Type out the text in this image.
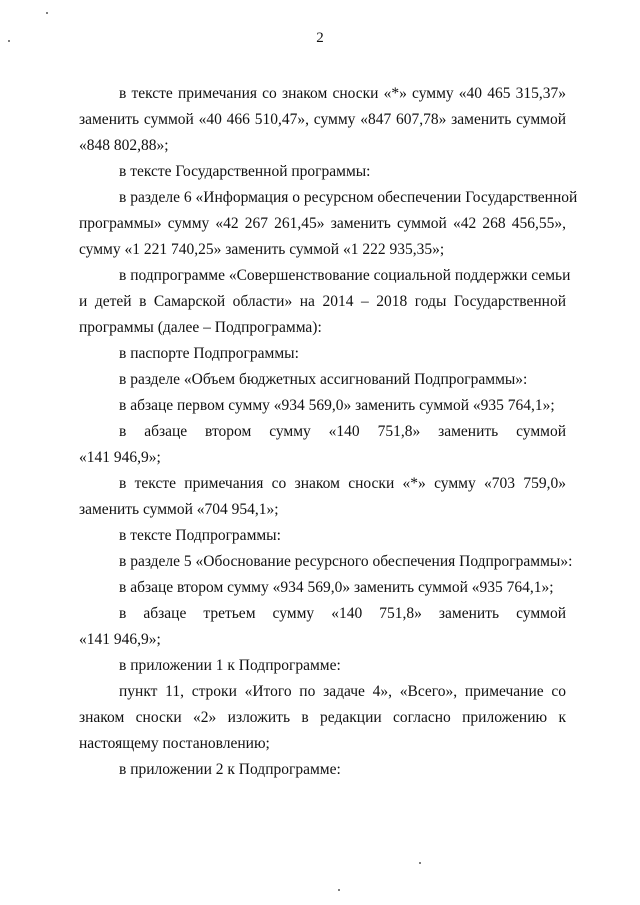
2
в тексте примечания со знаком сноски «*» сумму «40 465 315,37»
заменить суммой «40 466 510,47», сумму «847 607,78» заменить суммой
«848 802,88»;
в тексте Государственной программы:
в разделе 6 «Информация о ресурсном обеспечении Государственной
программы» сумму «42 267 261,45» заменить суммой «42 268 456,55»,
сумму «1 221 740,25» заменить суммой «1 222 935,35»;
в подпрограмме «Совершенствование социальной поддержки семьи
и детей в Самарской области» на 2014 – 2018 годы Государственной
программы (далее – Подпрограмма):
в паспорте Подпрограммы:
в разделе «Объем бюджетных ассигнований Подпрограммы»:
в абзаце первом сумму «934 569,0» заменить суммой «935 764,1»;
в абзаце втором сумму «140 751,8» заменить суммой
«141 946,9»;
в тексте примечания со знаком сноски «*» сумму «703 759,0»
заменить суммой «704 954,1»;
в тексте Подпрограммы:
в разделе 5 «Обоснование ресурсного обеспечения Подпрограммы»:
в абзаце втором сумму «934 569,0» заменить суммой «935 764,1»;
в абзаце третьем сумму «140 751,8» заменить суммой
«141 946,9»;
в приложении 1 к Подпрограмме:
пункт 11, строки «Итого по задаче 4», «Всего», примечание со
знаком сноски «2» изложить в редакции согласно приложению к
настоящему постановлению;
в приложении 2 к Подпрограмме:
